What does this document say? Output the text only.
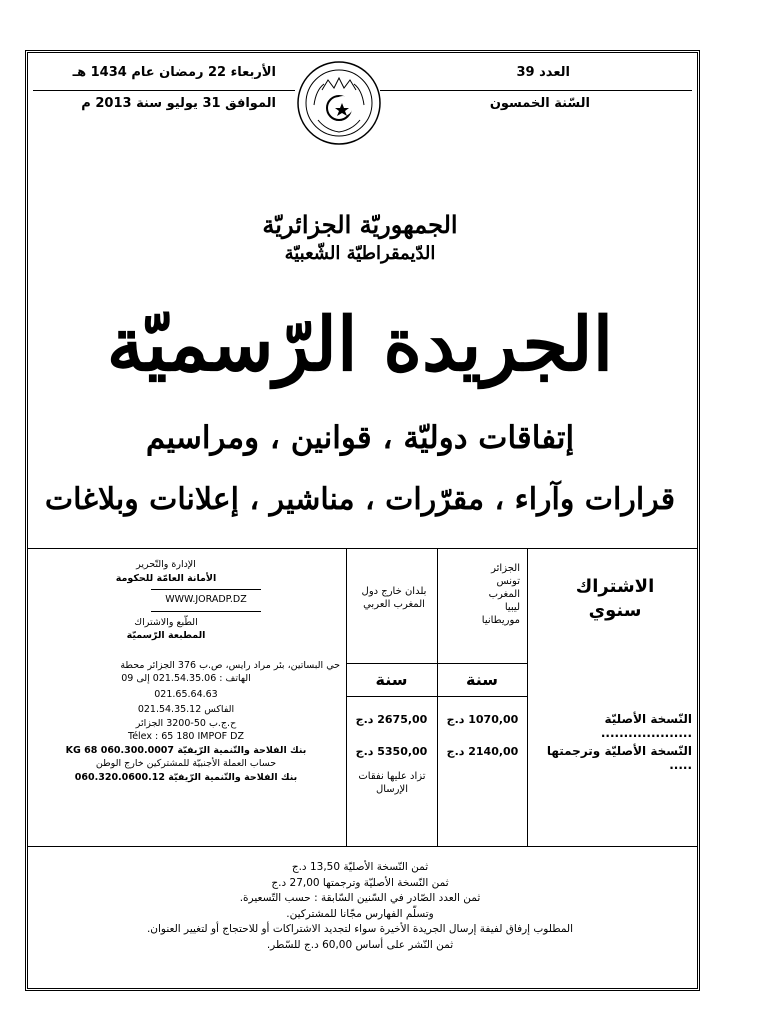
الأربعاء 22 رمضان عام 1434 هـ
الموافق 31 يوليو سنة 2013 م
العدد 39
السّنة الخمسون
الجمهوريّة الجزائريّة
الدّيمقراطيّة الشّعبيّة
الجريدة الرّسميّة
إتفاقات دوليّة ، قوانين ، ومراسيم
قرارات وآراء ، مقرّرات ، مناشير ، إعلانات وبلاغات
الاشتراك
سنوي
الجزائر
تونس
المغرب
ليبيا
موريطانيا
بلدان خارج دول المغرب العربي
سنة
سنة
النّسخة الأصليّة ....................
النّسخة الأصليّة وترجمتها .....
1070,00 د.ج
2675,00 د.ج
2140,00 د.ج
5350,00 د.ج
تزاد عليها نفقات الإرسال
الإدارة والتّحرير
الأمانة العامّة للحكومة
WWW.JORADP.DZ
الطّبع والاشتراك
المطبعة الرّسميّة
حي البساتين، بئر مراد رايس، ص.ب 376 الجزائر محطة
الهاتف : 021.54.35.06 إلى 09
021.65.64.63
الفاكس 021.54.35.12
ح.ج.ب 50-3200 الجزائر
Télex : 65 180 IMPOF DZ
بنك الفلاحة والتّنمية الرّيفيّة 060.300.0007 68 KG
حساب العملة الأجنبيّة للمشتركين خارج الوطن
بنك الفلاحة والتّنمية الرّيفيّة 060.320.0600.12
ثمن النّسخة الأصليّة 13,50 د.ج
ثمن النّسخة الأصليّة وترجمتها 27,00 د.ج
ثمن العدد الصّادر في السّنين السّابقة : حسب التّسعيرة.
وتسلّم الفهارس مجّانا للمشتركين.
المطلوب إرفاق لفيفة إرسال الجريدة الأخيرة سواء لتجديد الاشتراكات أو للاحتجاج أو لتغيير العنوان.
ثمن النّشر على أساس 60,00 د.ج للسّطر.
